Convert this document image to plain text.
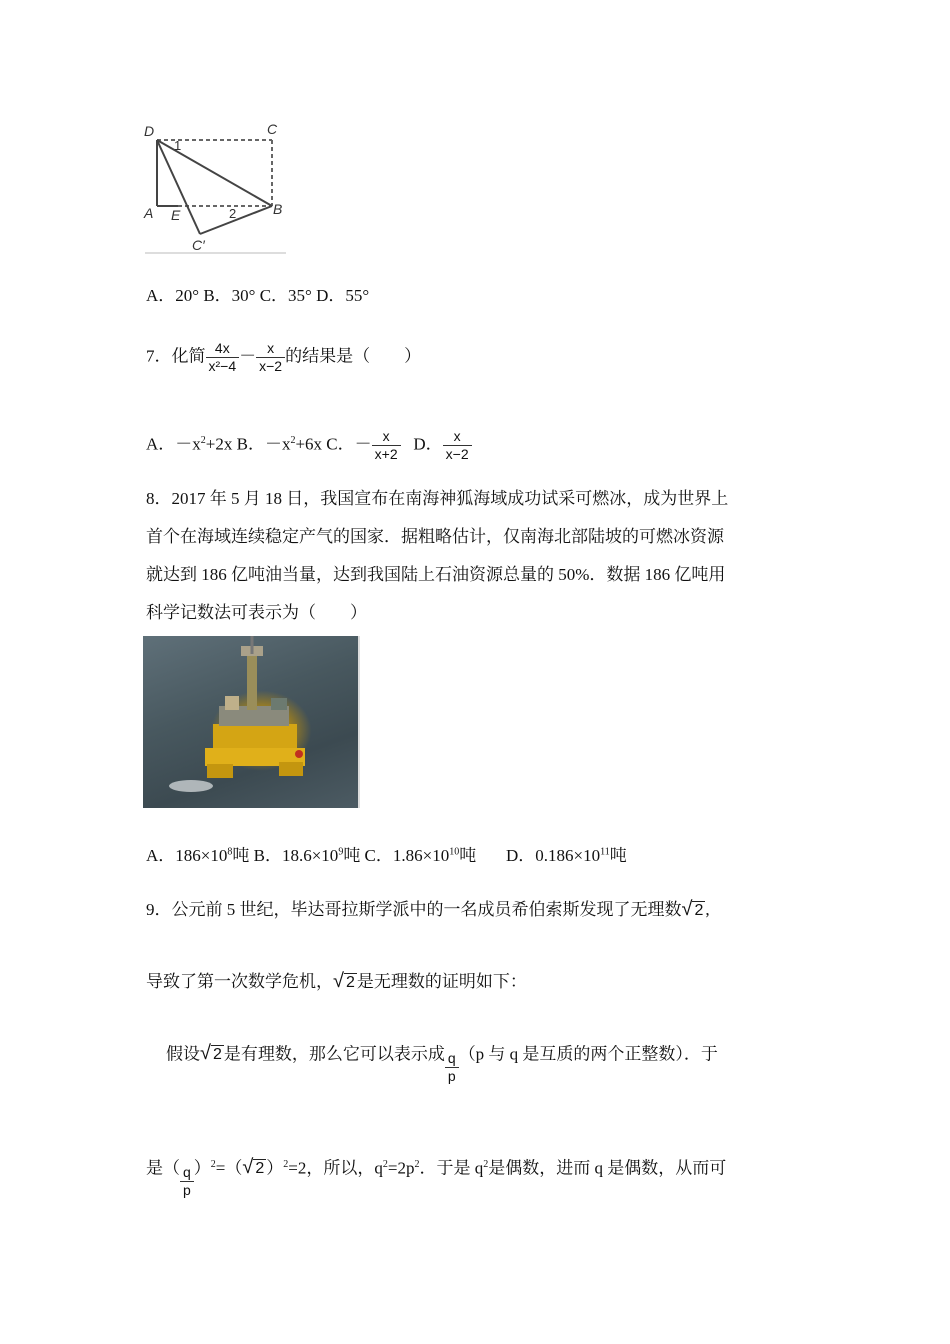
D	C
1
A E	2	B
C′
A．20° B．30° C．35° D．55°
7．化简 $\frac{4x}{\text{x²−4}} - \frac{x}{x-2}$ 的结果是（　　）
A．$-x^2+2x$ B．$-x^2+6x$ C．－ $\frac{x}{x+2}$ D． $\frac{x}{x-2}$
8．2017 年 5 月 18 日，我国宣布在南海神狐海域成功试采可燃冰，成为世界上
首个在海域连续稳定产气的国家．据粗略估计，仅南海北部陆坡的可燃冰资源
就达到 186 亿吨油当量，达到我国陆上石油资源总量的 50%．数据 186 亿吨用
科学记数法可表示为（　　）
A．$186\times 10^8$吨 B．$18.6\times 10^9$吨 C．$1.86\times 10^{10}$吨 D．$0.186\times 10^{11}$吨
9．公元前 5 世纪，毕达哥拉斯学派中的一名成员希伯索斯发现了无理数√ 2 ,
导致了第一次数学危机，√ 2 是无理数的证明如下：
假设√ 2 是有理数，那么它可以表示成 $\frac{q}{p} (p$ 与 q 是互质的两个正整数）．于
是（ $\frac{q}{p} )^2=(√$ 2 ）$^2$=2，所以，$q^2=2p^2$．于是 $q^2$是偶数，进而 q 是偶数，从而可
